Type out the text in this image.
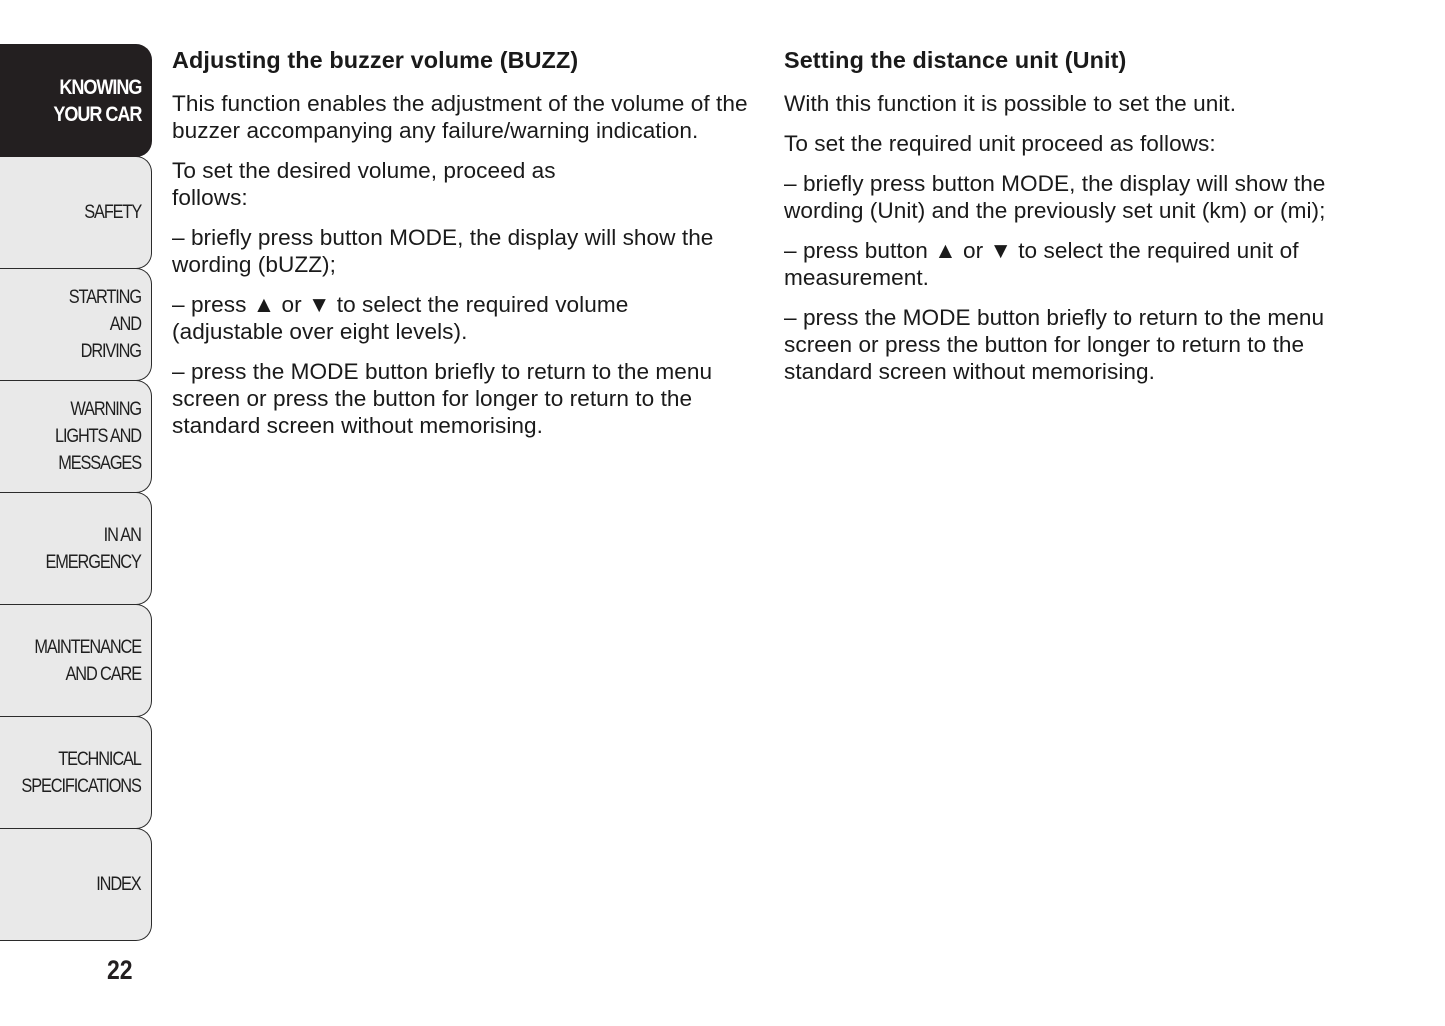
KNOWING
YOUR CAR
SAFETY
STARTING
AND
DRIVING
WARNING
LIGHTS AND
MESSAGES
IN AN
EMERGENCY
MAINTENANCE
AND CARE
TECHNICAL
SPECIFICATIONS
INDEX
22
Adjusting the buzzer volume (BUZZ)

This function enables the adjustment of the volume of the buzzer accompanying any failure/warning indication.

To set the desired volume, proceed as follows:

– briefly press button MODE, the display will show the wording (bUZZ);

– press ▲ or ▼ to select the required volume (adjustable over eight levels).

– press the MODE button briefly to return to the menu screen or press the button for longer to return to the standard screen without memorising.

Setting the distance unit (Unit)

With this function it is possible to set the unit.

To set the required unit proceed as follows:

– briefly press button MODE, the display will show the wording (Unit) and the previously set unit (km) or (mi);

– press button ▲ or ▼ to select the required unit of measurement.

– press the MODE button briefly to return to the menu screen or press the button for longer to return to the standard screen without memorising.
